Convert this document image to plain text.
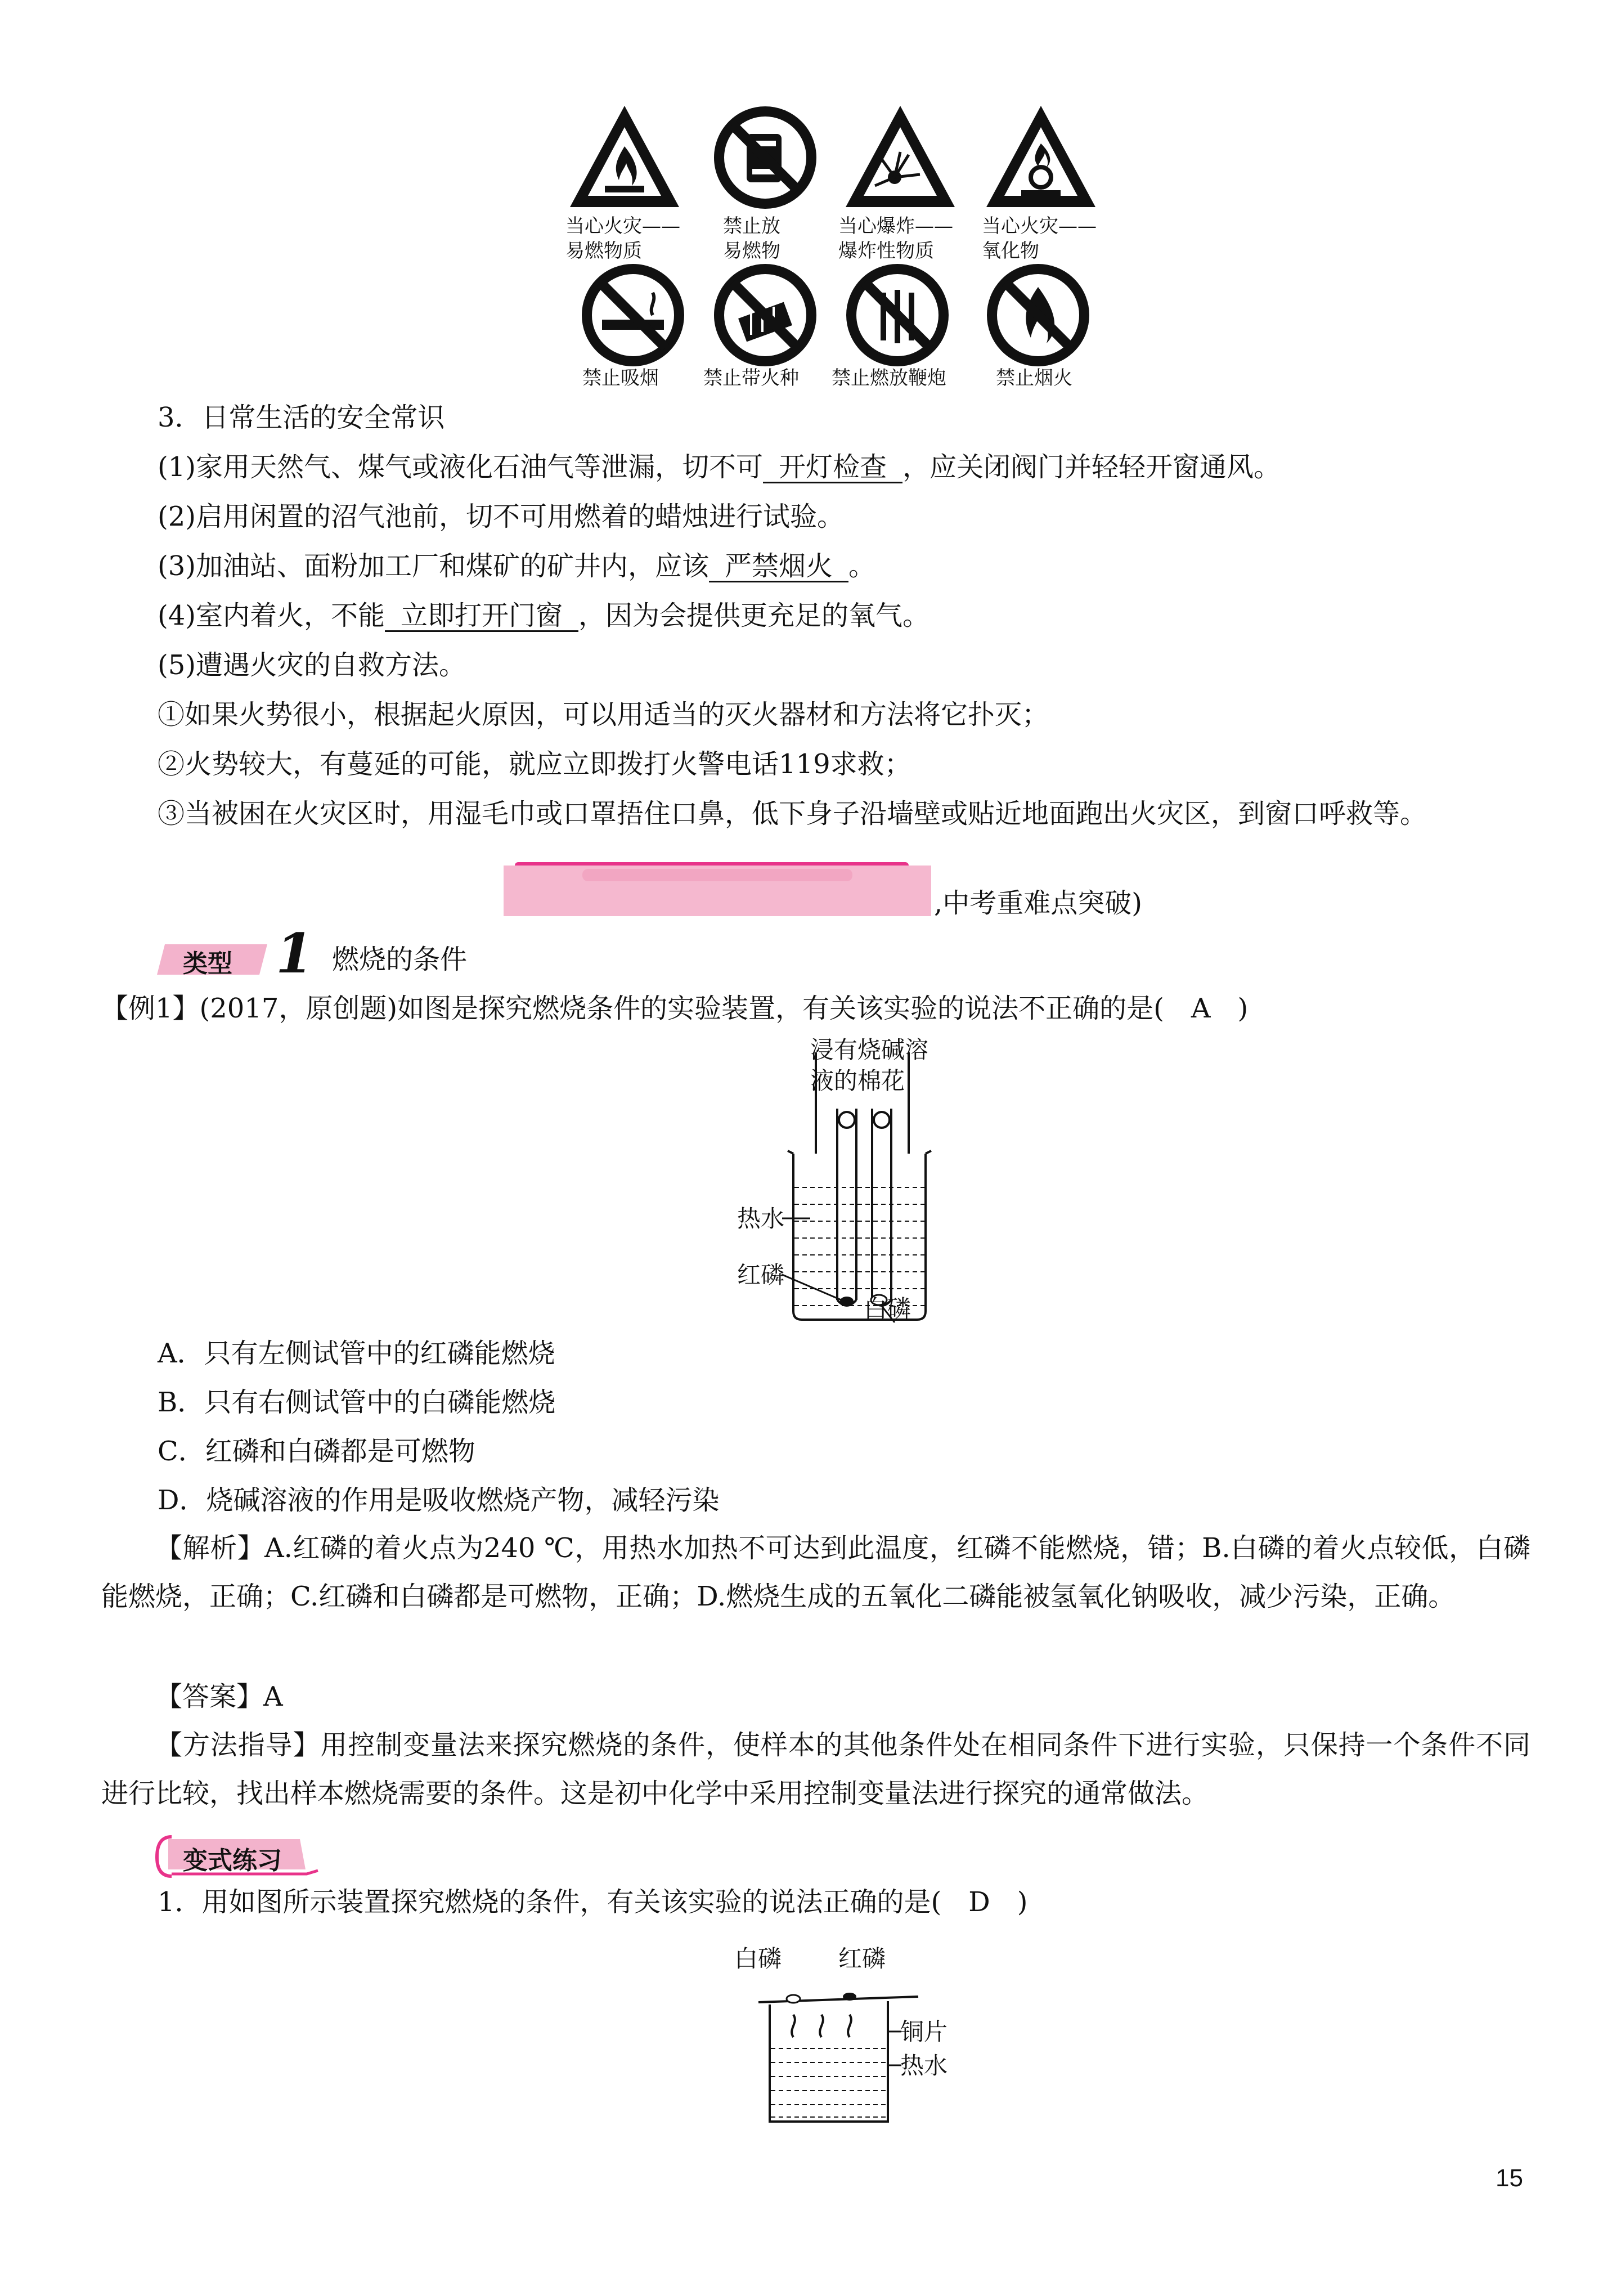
当心火灾——
易燃物质
禁止放
易燃物
当心爆炸——
爆炸性物质
当心火灾——
氧化物
禁止吸烟 禁止带火种 禁止燃放鞭炮	禁止烟火
3．日常生活的安全常识
(1)家用天然气、煤气或液化石油气等泄漏，切不可 开灯检查 ，应关闭阀门并轻轻开窗通风。
(2)启用闲置的沼气池前，切不可用燃着的蜡烛进行试验。
(3)加油站、面粉加工厂和煤矿的矿井内，应该 严禁烟火 。
(4)室内着火，不能 立即打开门窗 ，因为会提供更充足的氧气。
(5)遭遇火灾的自救方法。
①如果火势很小，根据起火原因，可以用适当的灭火器材和方法将它扑灭；
②火势较大，有蔓延的可能，就应立即拨打火警电话119求救；
③当被困在火灾区时，用湿毛巾或口罩捂住口鼻，低下身子沿墙壁或贴近地面跑出火灾区，到窗口呼救等。
,中考重难点突破)
类型 1 燃烧的条件
【例1】(2017，原创题)如图是探究燃烧条件的实验装置，有关该实验的说法不正确的是(　A　)
浸有烧碱溶
液的棉花
热水
红磷
白磷
A．只有左侧试管中的红磷能燃烧
B．只有右侧试管中的白磷能燃烧
C．红磷和白磷都是可燃物
D．烧碱溶液的作用是吸收燃烧产物，减轻污染
【解析】A.红磷的着火点为240 ℃，用热水加热不可达到此温度，红磷不能燃烧，错；B.白磷的着火点较低，白磷能燃烧，正确；C.红磷和白磷都是可燃物，正确；D.燃烧生成的五氧化二磷能被氢氧化钠吸收，减少污染，正确。
【答案】A
【方法指导】用控制变量法来探究燃烧的条件，使样本的其他条件处在相同条件下进行实验，只保持一个条件不同进行比较，找出样本燃烧需要的条件。这是初中化学中采用控制变量法进行探究的通常做法。
变式练习
1．用如图所示装置探究燃烧的条件，有关该实验的说法正确的是(　D　)
白磷 红磷
铜片
热水
15
